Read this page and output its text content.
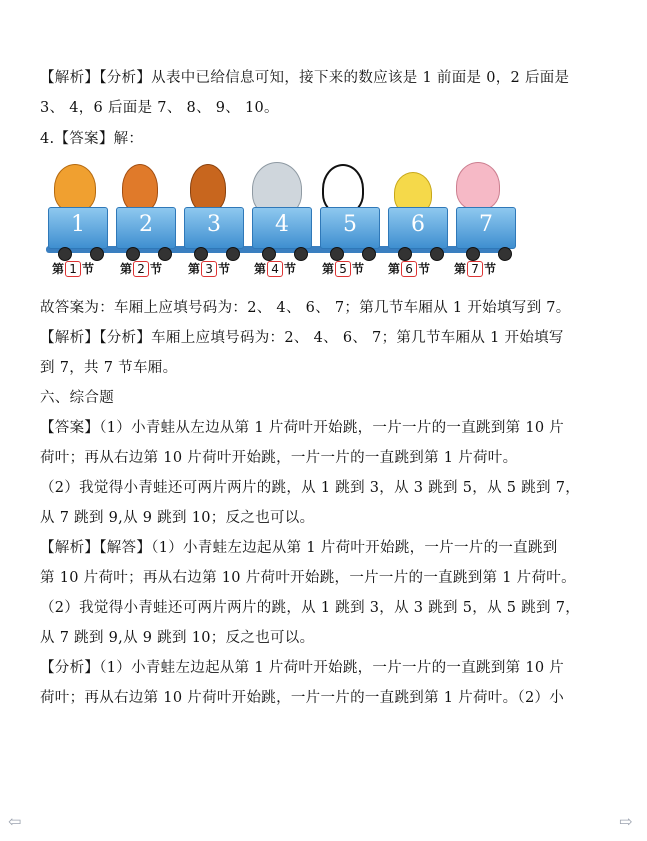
【解析】【分析】从表中已给信息可知，接下来的数应该是 1 前面是 0，2 后面是
3、 4，6 后面是 7、 8、 9、 10。
4.【答案】解：
1	2	3	4	5	6	7
第 1 节 第 2 节 第 3 节 第 4 节 第 5 节 第 6 节 第 7 节
故答案为：车厢上应填号码为：2、 4、 6、 7；第几节车厢从 1 开始填写到 7。
【解析】【分析】车厢上应填号码为：2、 4、 6、 7；第几节车厢从 1 开始填写
到 7，共 7 节车厢。
六、综合题
【答案】（1）小青蛙从左边从第 1 片荷叶开始跳，一片一片的一直跳到第 10 片
荷叶；再从右边第 10 片荷叶开始跳，一片一片的一直跳到第 1 片荷叶。
（2）我觉得小青蛙还可两片两片的跳，从 1 跳到 3，从 3 跳到 5，从 5 跳到 7，
从 7 跳到 9,从 9 跳到 10；反之也可以。
【解析】【解答】（1）小青蛙左边起从第 1 片荷叶开始跳，一片一片的一直跳到
第 10 片荷叶；再从右边第 10 片荷叶开始跳，一片一片的一直跳到第 1 片荷叶。
（2）我觉得小青蛙还可两片两片的跳，从 1 跳到 3，从 3 跳到 5，从 5 跳到 7，
从 7 跳到 9,从 9 跳到 10；反之也可以。
【分析】（1）小青蛙左边起从第 1 片荷叶开始跳，一片一片的一直跳到第 10 片
荷叶；再从右边第 10 片荷叶开始跳，一片一片的一直跳到第 1 片荷叶。（2）小
⇦	⇨
